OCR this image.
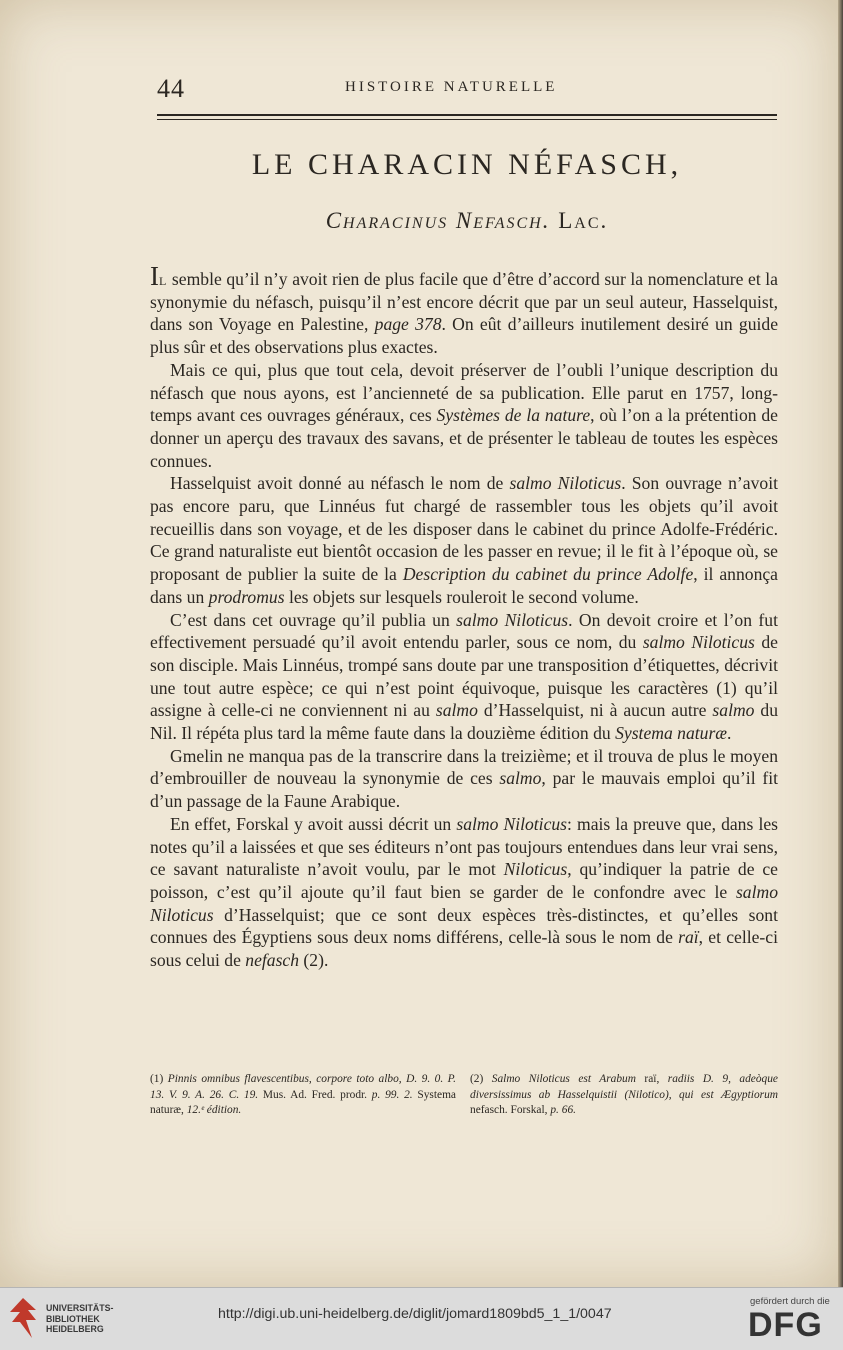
44	HISTOIRE NATURELLE
LE CHARACIN NÉFASCH,
Characinus Nefasch. Lac.

Il semble qu’il n’y avoit rien de plus facile que d’être d’accord sur la nomenclature et la synonymie du néfasch, puisqu’il n’est encore décrit que par un seul auteur, Hasselquist, dans son Voyage en Palestine, page 378. On eût d’ailleurs inutilement desiré un guide plus sûr et des observations plus exactes.

Mais ce qui, plus que tout cela, devoit préserver de l’oubli l’unique description du néfasch que nous ayons, est l’ancienneté de sa publication. Elle parut en 1757, long-temps avant ces ouvrages généraux, ces Systèmes de la nature, où l’on a la prétention de donner un aperçu des travaux des savans, et de présenter le tableau de toutes les espèces connues.

Hasselquist avoit donné au néfasch le nom de salmo Niloticus. Son ouvrage n’avoit pas encore paru, que Linnéus fut chargé de rassembler tous les objets qu’il avoit recueillis dans son voyage, et de les disposer dans le cabinet du prince Adolfe-Frédéric. Ce grand naturaliste eut bientôt occasion de les passer en revue; il le fit à l’époque où, se proposant de publier la suite de la Description du cabinet du prince Adolfe, il annonça dans un prodromus les objets sur lesquels rouleroit le second volume.

C’est dans cet ouvrage qu’il publia un salmo Niloticus. On devoit croire et l’on fut effectivement persuadé qu’il avoit entendu parler, sous ce nom, du salmo Niloticus de son disciple. Mais Linnéus, trompé sans doute par une transposition d’étiquettes, décrivit une tout autre espèce; ce qui n’est point équivoque, puisque les caractères (1) qu’il assigne à celle-ci ne conviennent ni au salmo d’Hasselquist, ni à aucun autre salmo du Nil. Il répéta plus tard la même faute dans la douzième édition du Systema naturæ.

Gmelin ne manqua pas de la transcrire dans la treizième; et il trouva de plus le moyen d’embrouiller de nouveau la synonymie de ces salmo, par le mauvais emploi qu’il fit d’un passage de la Faune Arabique.

En effet, Forskal y avoit aussi décrit un salmo Niloticus: mais la preuve que, dans les notes qu’il a laissées et que ses éditeurs n’ont pas toujours entendues dans leur vrai sens, ce savant naturaliste n’avoit voulu, par le mot Niloticus, qu’indiquer la patrie de ce poisson, c’est qu’il ajoute qu’il faut bien se garder de le confondre avec le salmo Niloticus d’Hasselquist; que ce sont deux espèces très-distinctes, et qu’elles sont connues des Égyptiens sous deux noms différens, celle-là sous le nom de raï, et celle-ci sous celui de nefasch (2).

(1) Pinnis omnibus flavescentibus, corpore toto albo, D. 9. 0. P. 13. V. 9. A. 26. C. 19. Mus. Ad. Fred. prodr. p. 99. 2. Systema naturæ, 12.ᵉ édition.
(2) Salmo Niloticus est Arabum raï, radiis D. 9, adeòque diversissimus ab Hasselquistii (Nilotico), qui est Ægyptiorum nefasch. Forskal, p. 66.
UNIVERSITÄTS-
BIBLIOTHEK
HEIDELBERG
http://digi.ub.uni-heidelberg.de/diglit/jomard1809bd5_1_1/0047
gefördert durch die
DFG
